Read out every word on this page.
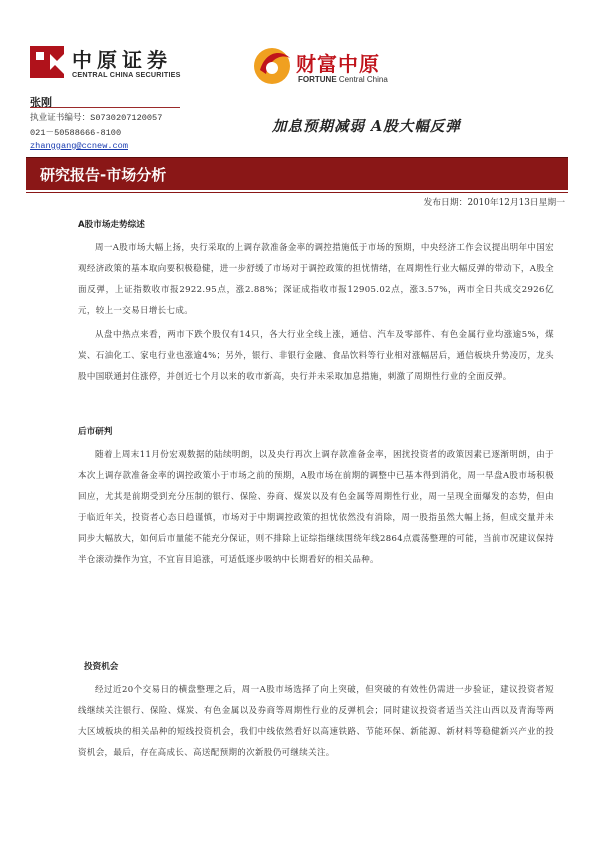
中原证券
CENTRAL CHINA SECURITIES	财富中原
FORTUNE Central China
张刚
执业证书编号：S0730207120057
021－50588666-8100
zhanggang@ccnew.com
加息预期减弱 A股大幅反弹
研究报告-市场分析
发布日期：2010年12月13日星期一
A股市场走势综述

周一A股市场大幅上扬，央行采取的上调存款准备金率的调控措施低于市场的预期，中央经济工作会议提出明年中国宏观经济政策的基本取向要积极稳健，进一步舒缓了市场对于调控政策的担忧情绪，在周期性行业大幅反弹的带动下，A股全面反弹，上证指数收市报2922.95点，涨2.88%；深证成指收市报12905.02点，涨3.57%，两市全日共成交2926亿元，较上一交易日增长七成。

从盘中热点来看，两市下跌个股仅有14只，各大行业全线上涨，通信、汽车及零部件、有色金属行业均涨逾5%，煤炭、石油化工、家电行业也涨逾4%；另外，银行、非银行金融、食品饮料等行业相对涨幅居后，通信板块升势凌厉，龙头股中国联通封住涨停，并创近七个月以来的收市新高，央行并未采取加息措施，刺激了周期性行业的全面反弹。

后市研判

随着上周末11月份宏观数据的陆续明朗，以及央行再次上调存款准备金率，困扰投资者的政策因素已逐渐明朗，由于本次上调存款准备金率的调控政策小于市场之前的预期，A股市场在前期的调整中已基本得到消化，周一早盘A股市场积极回应，尤其是前期受到充分压制的银行、保险、券商、煤炭以及有色金属等周期性行业，周一呈现全面爆发的态势，但由于临近年关，投资者心态日趋谨慎，市场对于中期调控政策的担忧依然没有消除，周一股指虽然大幅上扬，但成交量并未同步大幅放大，如何后市量能不能充分保证，则不排除上证综指继续围绕年线2864点震荡整理的可能，当前市况建议保持半仓滚动操作为宜，不宜盲目追涨，可适低逐步吸纳中长期看好的相关品种。

投资机会

经过近20个交易日的横盘整理之后，周一A股市场选择了向上突破，但突破的有效性仍需进一步验证，建议投资者短线继续关注银行、保险、煤炭、有色金属以及券商等周期性行业的反弹机会；同时建议投资者适当关注山西以及青海等两大区域板块的相关品种的短线投资机会，我们中线依然看好以高速铁路、节能环保、新能源、新材料等稳健新兴产业的投资机会，最后，存在高成长、高送配预期的次新股仍可继续关注。
